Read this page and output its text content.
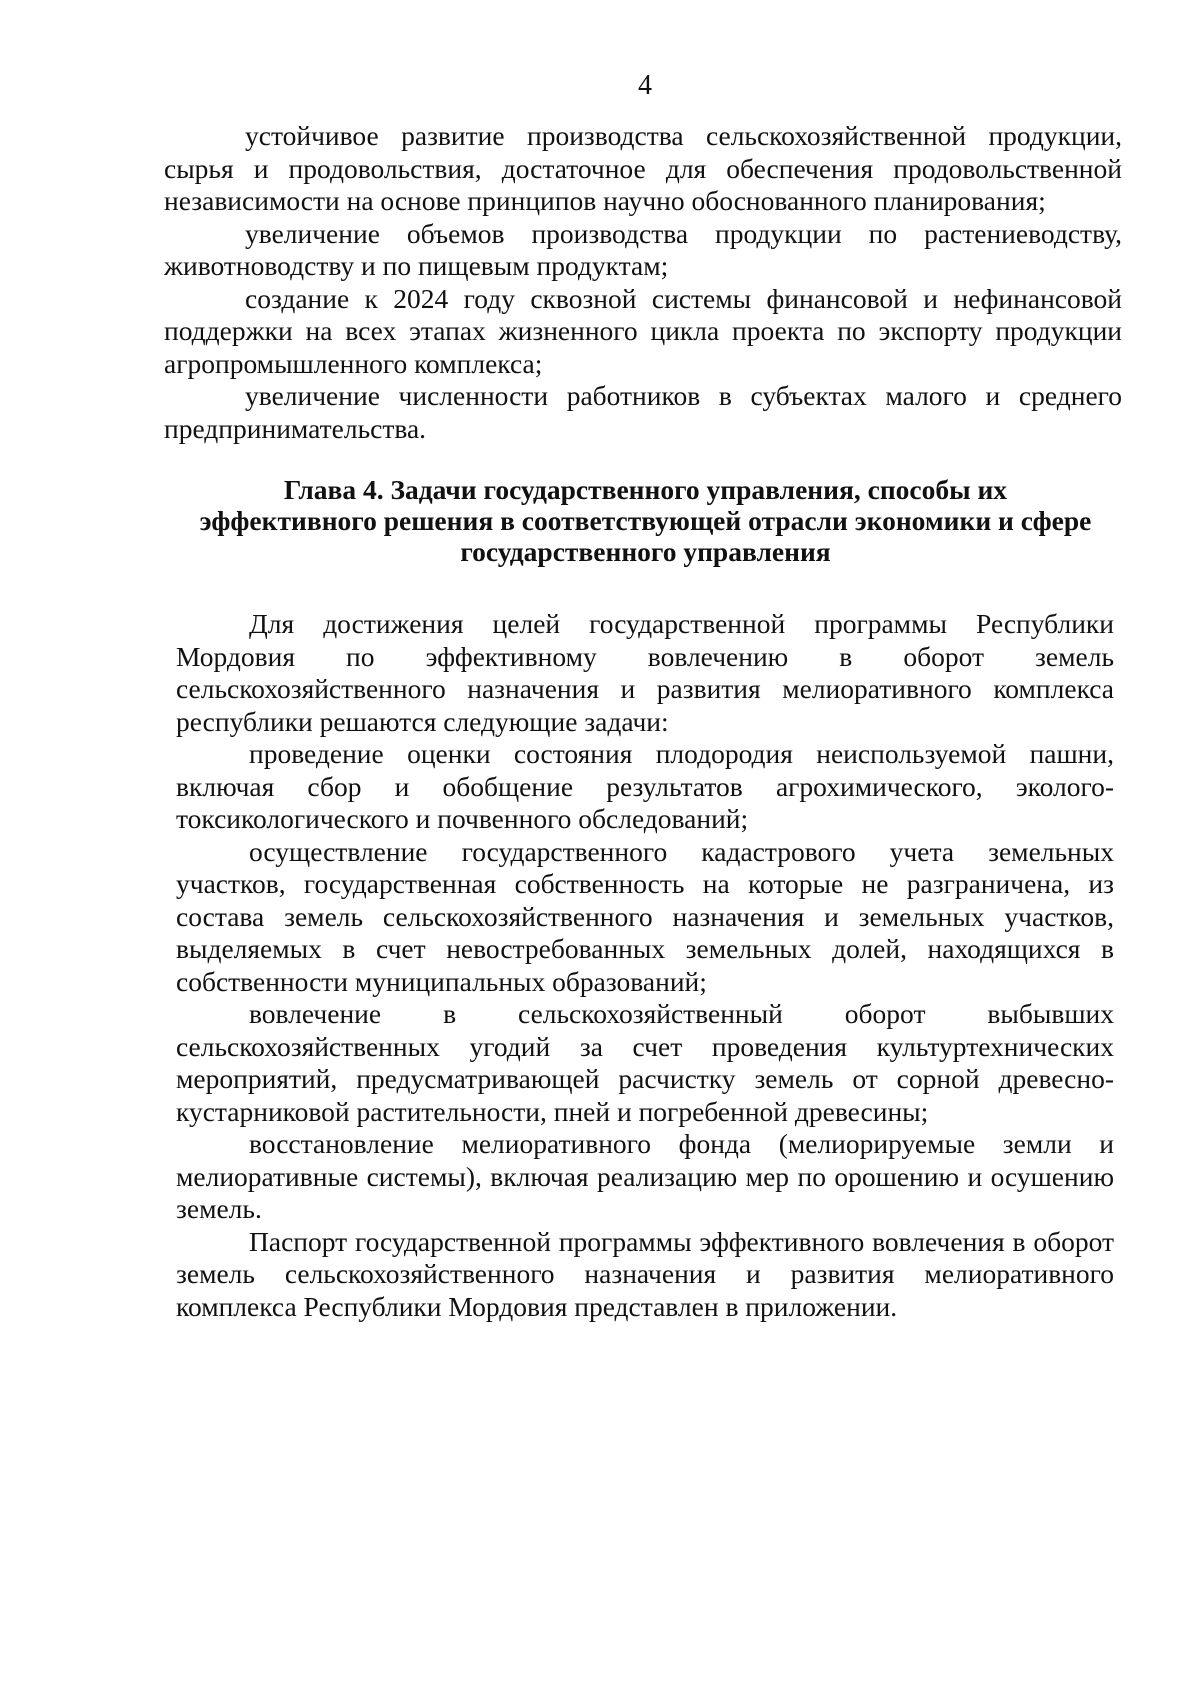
4

устойчивое развитие производства сельскохозяйственной продукции, сырья и продовольствия, достаточное для обеспечения продовольственной независимости на основе принципов научно обоснованного планирования;

увеличение объемов производства продукции по растениеводству, животноводству и по пищевым продуктам;

создание к 2024 году сквозной системы финансовой и нефинансовой поддержки на всех этапах жизненного цикла проекта по экспорту продукции агропромышленного комплекса;

увеличение численности работников в субъектах малого и среднего предпринимательства.

Глава 4. Задачи государственного управления, способы их
эффективного решения в соответствующей отрасли экономики и сфере
государственного управления

Для достижения целей государственной программы Республики Мордовия по эффективному вовлечению в оборот земель сельскохозяйственного назначения и развития мелиоративного комплекса республики решаются следующие задачи:

проведение оценки состояния плодородия неиспользуемой пашни, включая сбор и обобщение результатов агрохимического, эколого-токсикологического и почвенного обследований;

осуществление государственного кадастрового учета земельных участков, государственная собственность на которые не разграничена, из состава земель сельскохозяйственного назначения и земельных участков, выделяемых в счет невостребованных земельных долей, находящихся в собственности муниципальных образований;

вовлечение в сельскохозяйственный оборот выбывших сельскохозяйственных угодий за счет проведения культуртехнических мероприятий, предусматривающей расчистку земель от сорной древесно-кустарниковой растительности, пней и погребенной древесины;

восстановление мелиоративного фонда (мелиорируемые земли и мелиоративные системы), включая реализацию мер по орошению и осушению земель.

Паспорт государственной программы эффективного вовлечения в оборот земель сельскохозяйственного назначения и развития мелиоративного комплекса Республики Мордовия представлен в приложении.
